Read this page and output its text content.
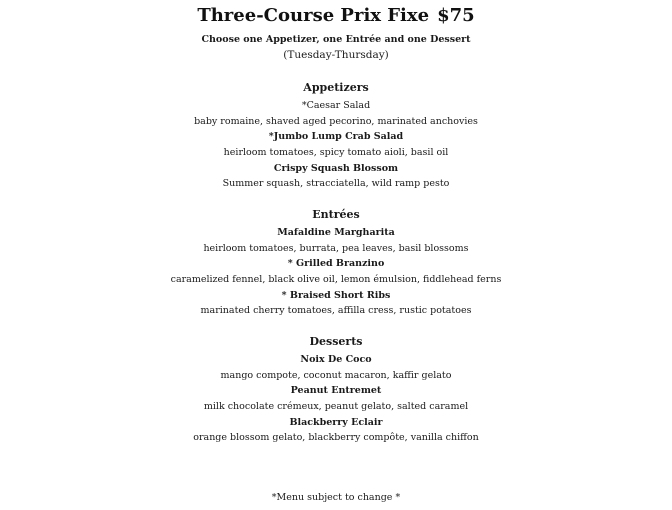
Three-Course Prix Fixe $75
Choose one Appetizer, one Entrée and one Dessert
(Tuesday-Thursday)
Appetizers
*Caesar Salad
baby romaine, shaved aged pecorino, marinated anchovies
*Jumbo Lump Crab Salad
heirloom tomatoes, spicy tomato aioli, basil oil
Crispy Squash Blossom
Summer squash, stracciatella, wild ramp pesto
Entrées
Mafaldine Margharita
heirloom tomatoes, burrata, pea leaves, basil blossoms
* Grilled Branzino
caramelized fennel, black olive oil, lemon émulsion, fiddlehead ferns
* Braised Short Ribs
marinated cherry tomatoes, affilla cress, rustic potatoes
Desserts
Noix De Coco
mango compote, coconut macaron, kaffir gelato
Peanut Entremet
milk chocolate crémeux, peanut gelato, salted caramel
Blackberry Eclair
orange blossom gelato, blackberry compôte, vanilla chiffon
*Menu subject to change *
